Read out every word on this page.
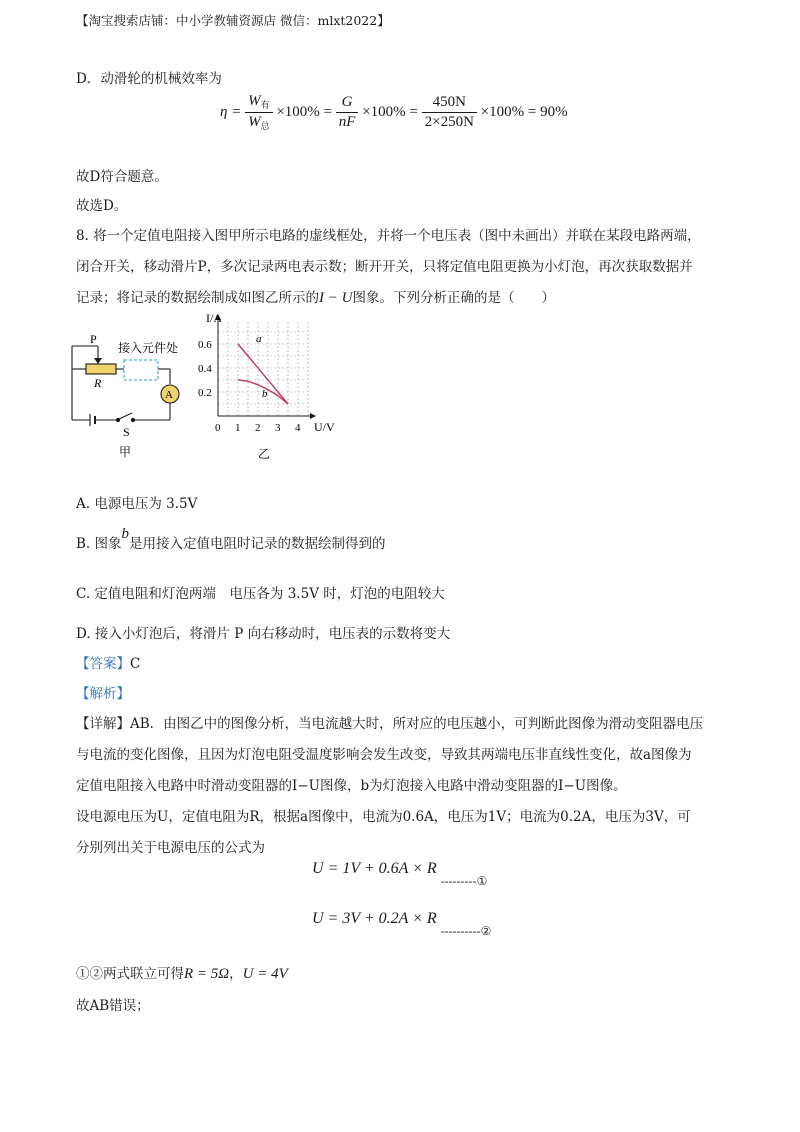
【淘宝搜索店铺：中小学教辅资源店 微信：mlxt2022】
D．动滑轮的机械效率为
$\eta = \frac{W_有}{W_总} \times 100\% = \frac{G}{nF} \times 100\% = \frac{450N}{2\times 250N} \times 100\% = 90\%$
故D符合题意。
故选D。
8. 将一个定值电阻接入图甲所示电路的虚线框处，并将一个电压表（图中未画出）并联在某段电路两端，
闭合开关，移动滑片P，多次记录两电表示数；断开开关，只将定值电阻更换为小灯泡，再次获取数据并
记录；将记录的数据绘制成如图乙所示的I − U图象。下列分析正确的是（　　）
P
R
接入元件处
A
S
甲
0 1 2 3 4
0.2
0.4
0.6	a
b
I/A
U/V
乙
A. 电源电压为 3.5V
B. 图象b是用接入定值电阻时记录的数据绘制得到的
C. 定值电阻和灯泡两端　电压各为 3.5V 时，灯泡的电阻较大
D. 接入小灯泡后，将滑片 P 向右移动时，电压表的示数将变大
【答案】C
【解析】
【详解】AB．由图乙中的图像分析，当电流越大时，所对应的电压越小，可判断此图像为滑动变阻器电压
与电流的变化图像，且因为灯泡电阻受温度影响会发生改变，导致其两端电压非直线性变化，故a图像为
定值电阻接入电路中时滑动变阻器的I−U图像，b为灯泡接入电路中滑动变阻器的I−U图像。
设电源电压为U，定值电阻为R，根据a图像中，电流为0.6A，电压为1V；电流为0.2A，电压为3V，可
分别列出关于电源电压的公式为
$U = 1V + 0.6A \times R_{---------①}$
$U = 3V + 0.2A \times R_{----------②}$
①②两式联立可得R = 5Ω，U = 4V
故AB错误；
